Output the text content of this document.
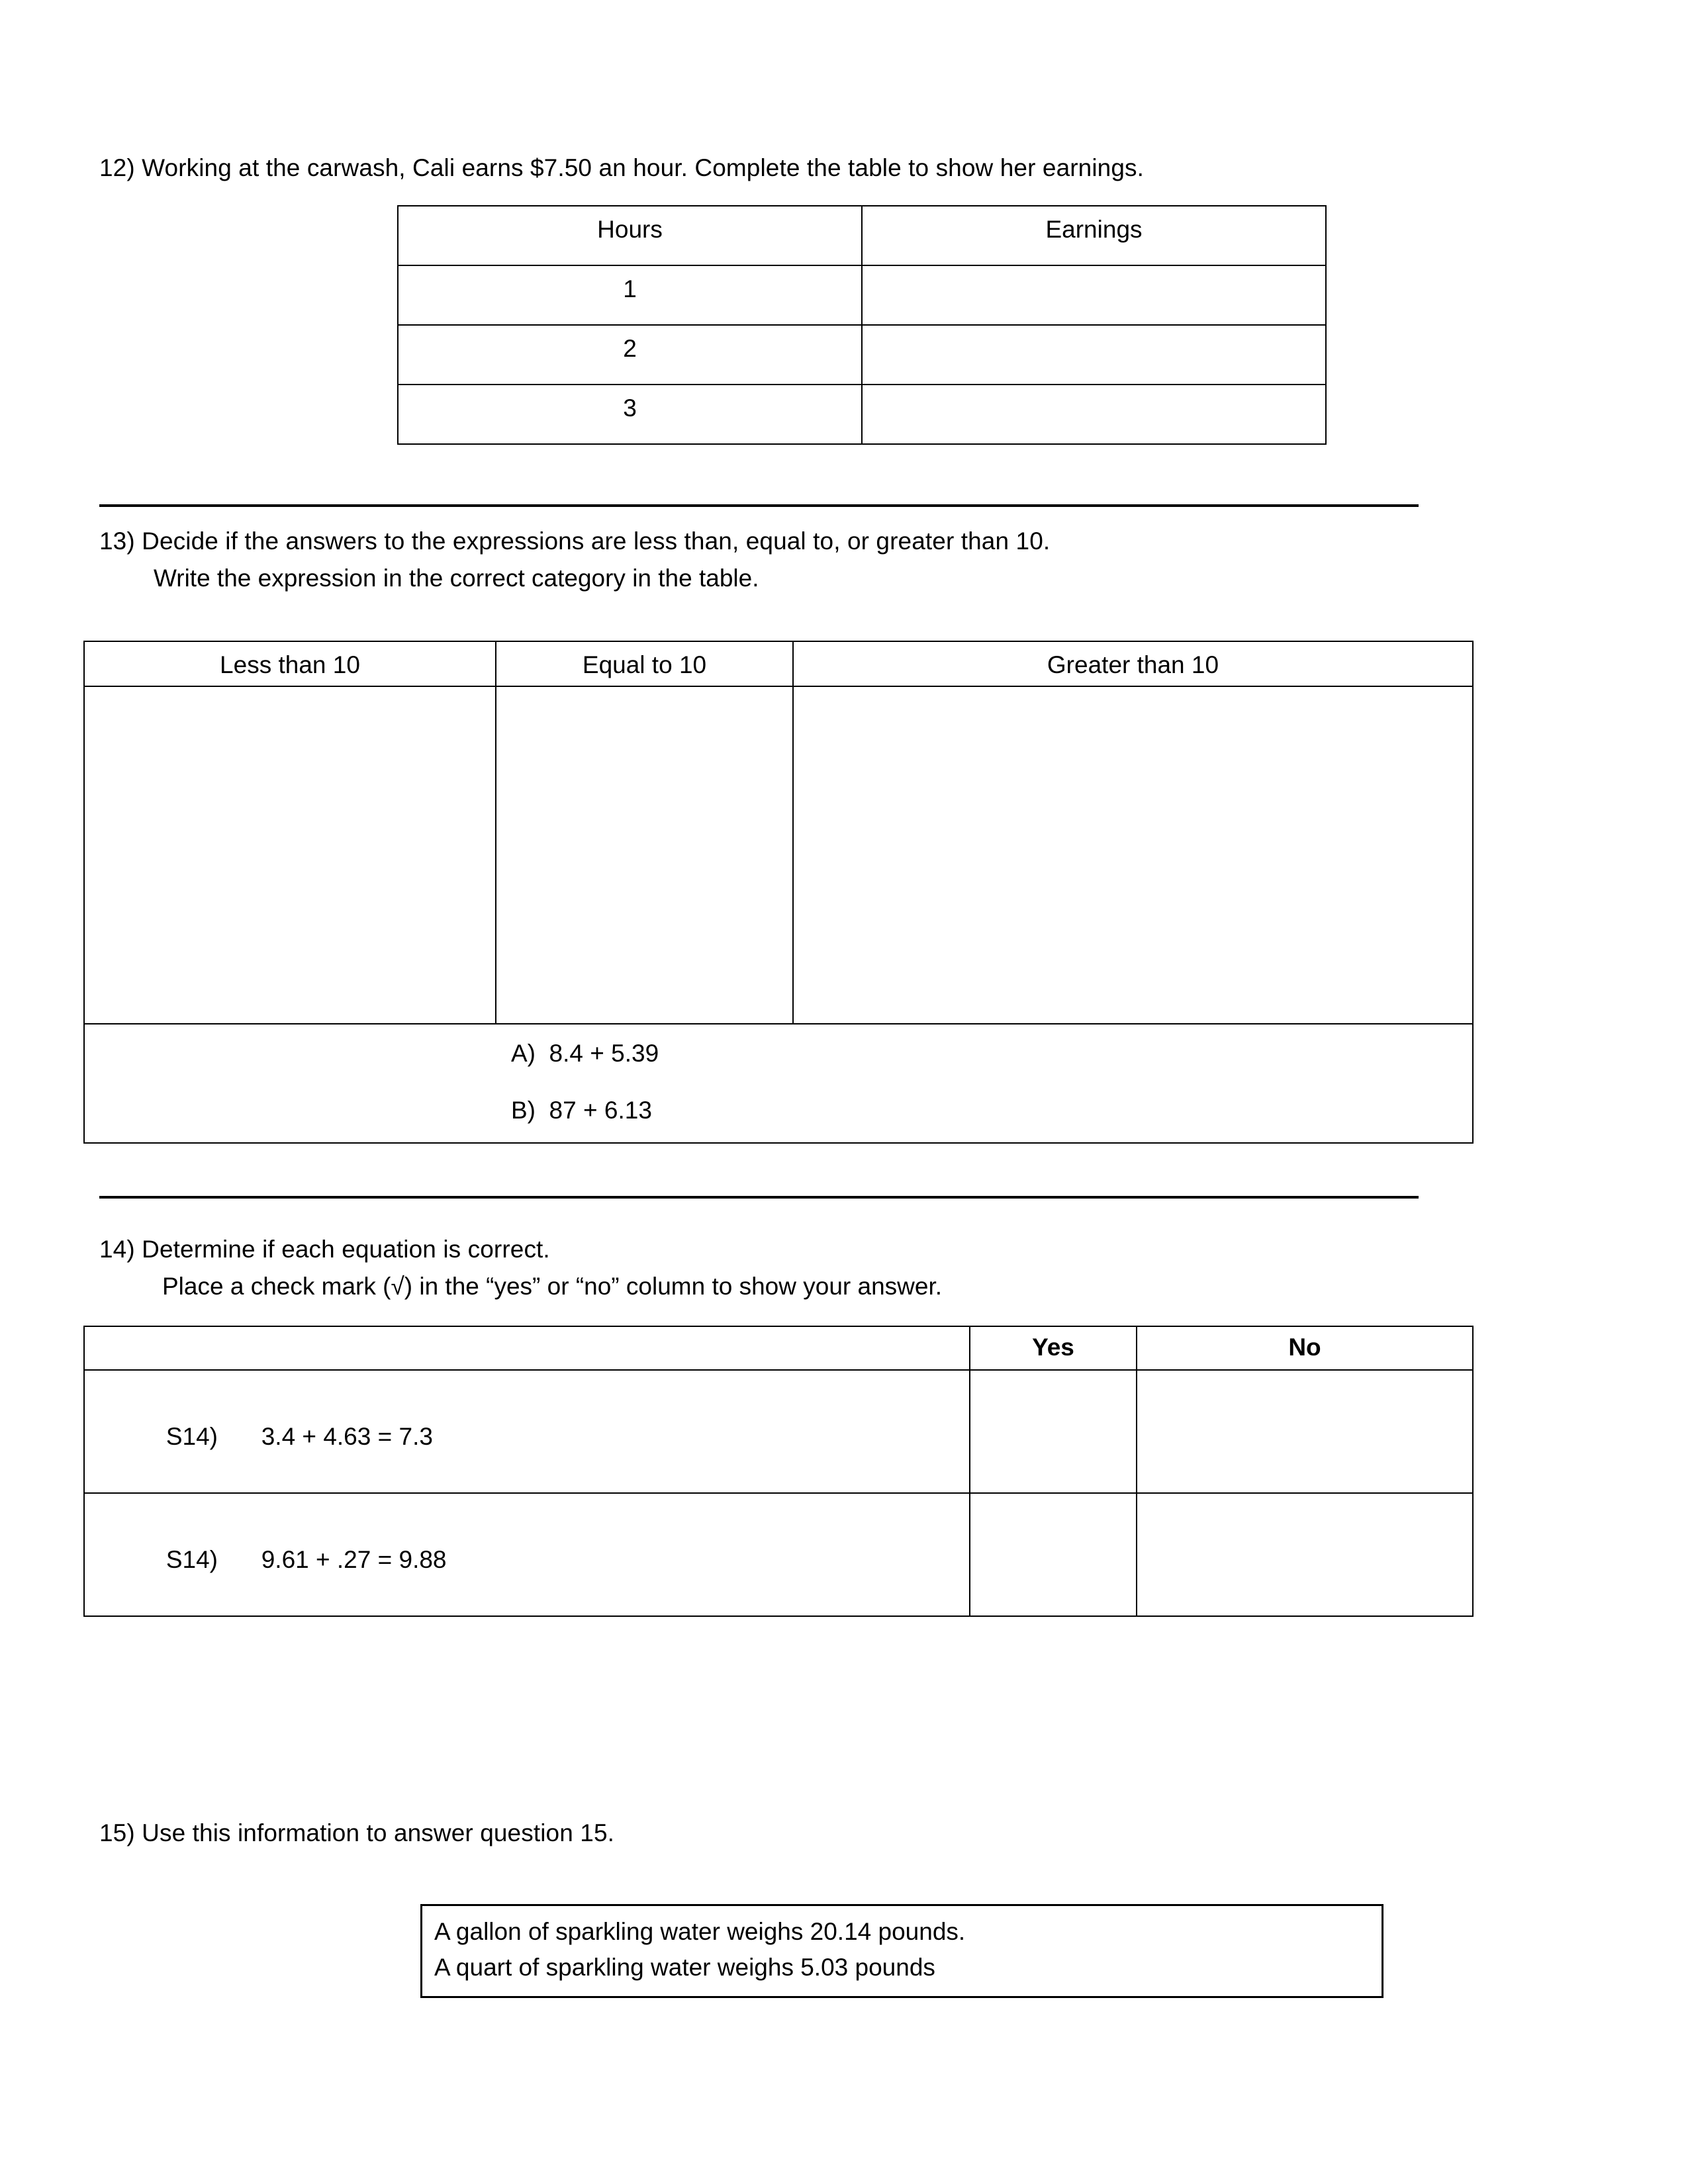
12) Working at the carwash, Cali earns $7.50 an hour. Complete the table to show her earnings.
Hours	Earnings

1	

2	

3	

13) Decide if the answers to the expressions are less than, equal to, or greater than 10.
Write the expression in the correct category in the table.
Less than 10	Equal to 10	Greater than 10

A)  8.4 + 5.39
B)  87 + 6.13		
14) Determine if each equation is correct.
Place a check mark (√) in the “yes” or “no” column to show your answer.

	Yes	No

S14)	3.4 + 4.63 = 7.3		

S14)	9.61 + .27 = 9.88		

15) Use this information to answer question 15.
A gallon of sparkling water weighs 20.14 pounds.
A quart of sparkling water weighs 5.03 pounds
